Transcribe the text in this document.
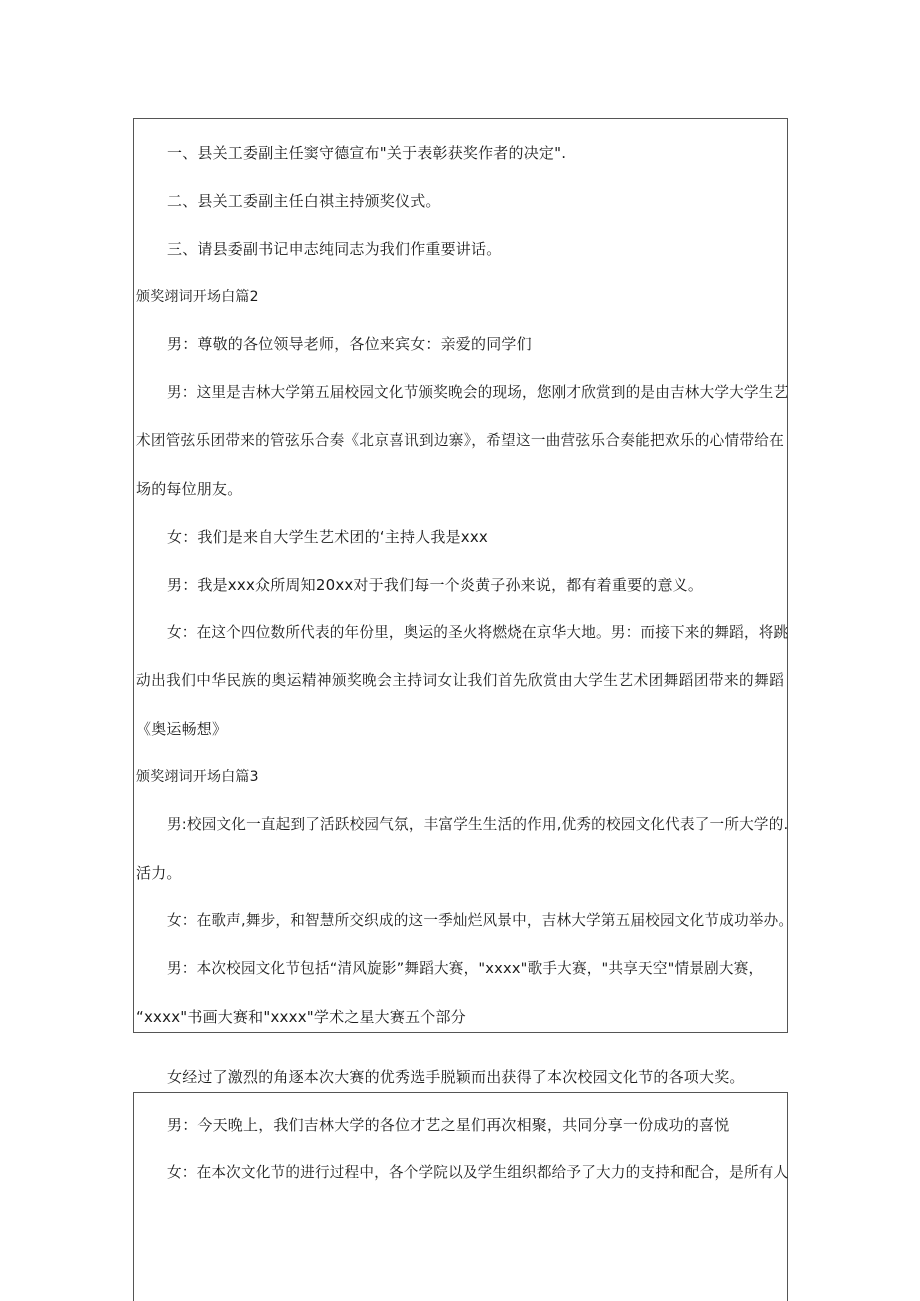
一、县关工委副主任窦守德宣布"关于表彰获奖作者的决定".
二、县关工委副主任白祺主持颁奖仪式。
三、请县委副书记申志纯同志为我们作重要讲话。
颁奖翊词开场白篇2
男：尊敬的各位领导老师，各位来宾女：亲爱的同学们
男：这里是吉林大学第五届校园文化节颁奖晚会的现场，您刚才欣赏到的是由吉林大学大学生艺
术团管弦乐团带来的管弦乐合奏《北京喜讯到边寨》，希望这一曲营弦乐合奏能把欢乐的心情带给在
场的每位朋友。
女：我们是来自大学生艺术团的‘主持人我是xxx
男：我是xxx众所周知20xx对于我们每一个炎黄子孙来说，都有着重要的意义。
女：在这个四位数所代表的年份里，奥运的圣火将燃烧在京华大地。男：而接下来的舞蹈，将跳
动出我们中华民族的奥运精神颁奖晚会主持词女让我们首先欣赏由大学生艺术团舞蹈团带来的舞蹈
《奥运畅想》
颁奖翊词开场白篇3
男:校园文化一直起到了活跃校园气氛，丰富学生生活的作用,优秀的校园文化代表了一所大学的.
活力。
女：在歌声,舞步，和智慧所交织成的这一季灿烂风景中，吉林大学第五届校园文化节成功举办。
男：本次校园文化节包括“清风旋影”舞蹈大赛，"xxxx"歌手大赛，"共享天空"情景剧大赛，
“xxxx"书画大赛和"xxxx"学术之星大赛五个部分
女经过了激烈的角逐本次大赛的优秀选手脱颖而出获得了本次校园文化节的各项大奖。
男：今天晚上，我们吉林大学的各位才艺之星们再次相聚，共同分享一份成功的喜悦
女：在本次文化节的进行过程中，各个学院以及学生组织都给予了大力的支持和配合，是所有人
